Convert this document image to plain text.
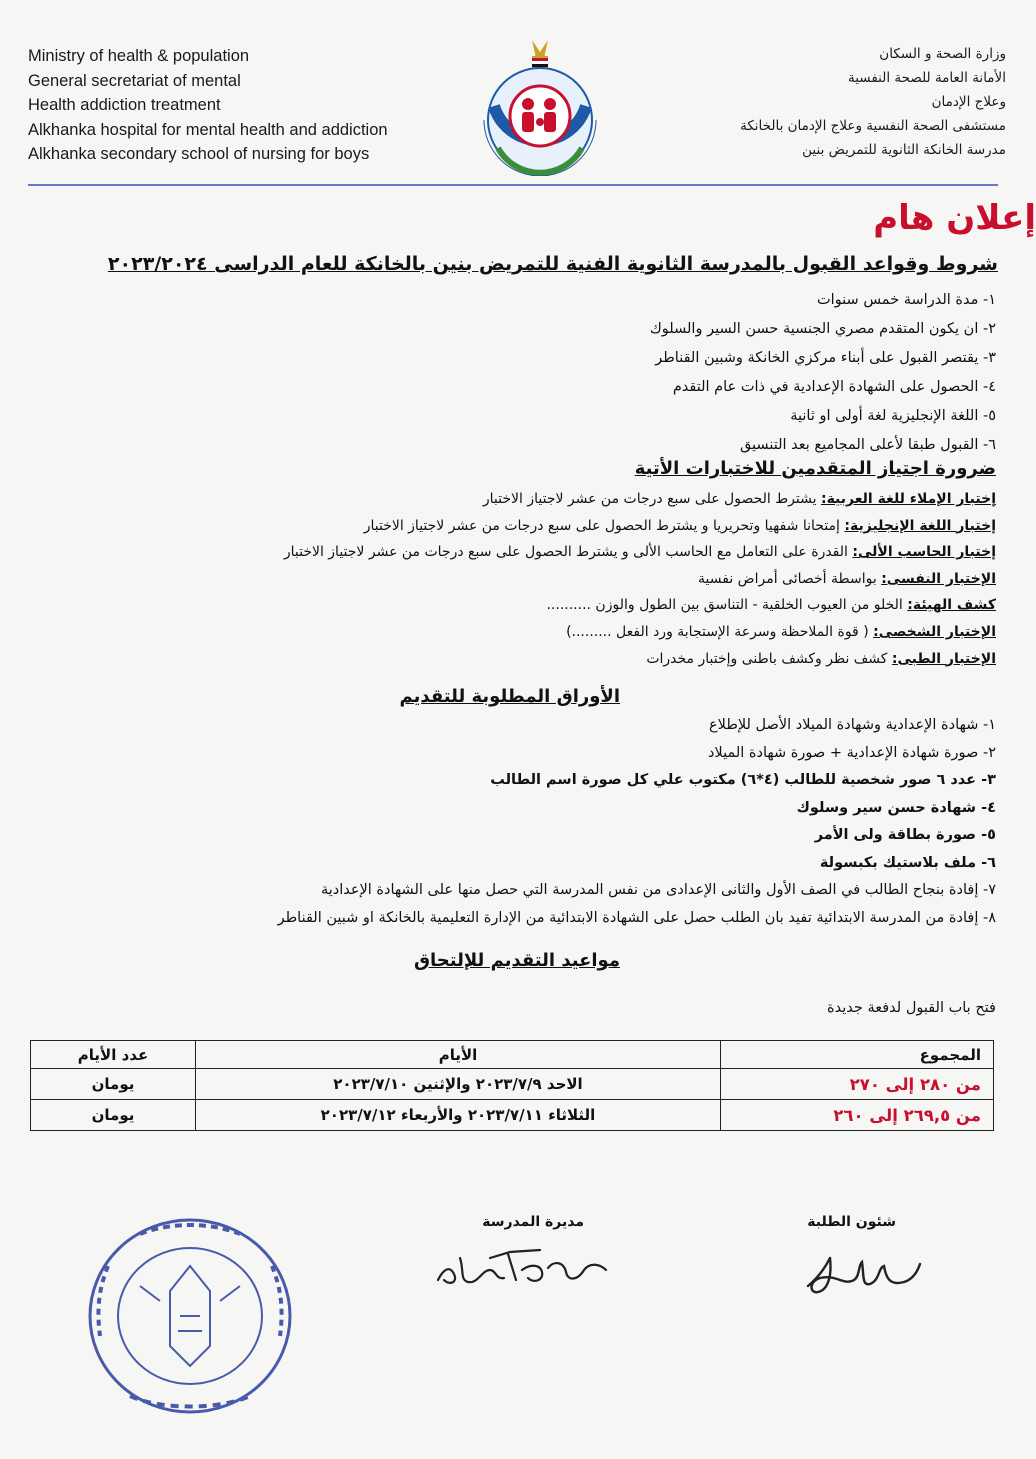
Ministry of health & population
General secretariat of mental
Health addiction treatment
Alkhanka hospital for mental health and addiction
Alkhanka secondary school of nursing for boys
وزارة الصحة و السكان
الأمانة العامة للصحة النفسية
وعلاج الإدمان
مستشفى الصحة النفسية وعلاج الإدمان بالخانكة
مدرسة الخانكة الثانوية للتمريض بنين
إعلان هام
شروط وقواعد القبول بالمدرسة الثانوية الفنية للتمريض بنين بالخانكة للعام الدراسى ٢٠٢٣/٢٠٢٤
١- مدة الدراسة خمس سنوات
٢- ان يكون المتقدم مصري الجنسية حسن السير والسلوك
٣- يقتصر القبول على أبناء مركزي الخانكة وشبين القناطر
٤- الحصول على الشهادة الإعدادية في ذات عام التقدم
٥- اللغة الإنجليزية لغة أولى او ثانية
٦- القبول طبقا لأعلى المجاميع بعد التنسيق
ضرورة اجتياز المتقدمين للاختبارات الأتية
إختبار الإملاء للغة العربية: يشترط الحصول على سبع درجات من عشر لاجتياز الاختبار
إختبار اللغة الإنجليزية: إمتحانا شفهيا وتحريريا و يشترط الحصول على سبع درجات من عشر لاجتياز الاختبار
إختبار الحاسب الألى: القدرة على التعامل مع الحاسب الألى و يشترط الحصول على سبع درجات من عشر لاجتياز الاختبار
الإختبار النفسى: بواسطة أخصائى أمراض نفسية
كشف الهيئة: الخلو من العيوب الخلقية - التناسق بين الطول والوزن ..........
الإختبار الشخصى: ( قوة الملاحظة وسرعة الإستجابة ورد الفعل .........)
الإختبار الطبى: كشف نظر وكشف باطنى وإختبار مخدرات
الأوراق المطلوبة للتقديم
١- شهادة الإعدادية وشهادة الميلاد الأصل للإطلاع
٢- صورة شهادة الإعدادية + صورة شهادة الميلاد
٣- عدد ٦ صور شخصية للطالب (٤*٦) مكتوب علي كل صورة اسم الطالب
٤- شهادة حسن سير وسلوك
٥- صورة بطاقة ولى الأمر
٦- ملف بلاستيك بكبسولة
٧- إفادة بنجاح الطالب في الصف الأول والثانى الإعدادى من نفس المدرسة التي حصل منها على الشهادة الإعدادية
٨- إفادة من المدرسة الابتدائية تفيد بان الطلب حصل على الشهادة الابتدائية من الإدارة التعليمية بالخانكة او شبين القناطر
مواعيد التقديم للإلتحاق
فتح باب القبول لدفعة جديدة
المجموع	الأيام	عدد الأيام
من ٢٨٠ إلى ٢٧٠	الاحد ٢٠٢٣/٧/٩ والإثنين ٢٠٢٣/٧/١٠	يومان
من ٢٦٩,٥ إلى ٢٦٠	الثلاثاء ٢٠٢٣/٧/١١ والأربعاء ٢٠٢٣/٧/١٢	يومان
شئون الطلبة
مديرة المدرسة
